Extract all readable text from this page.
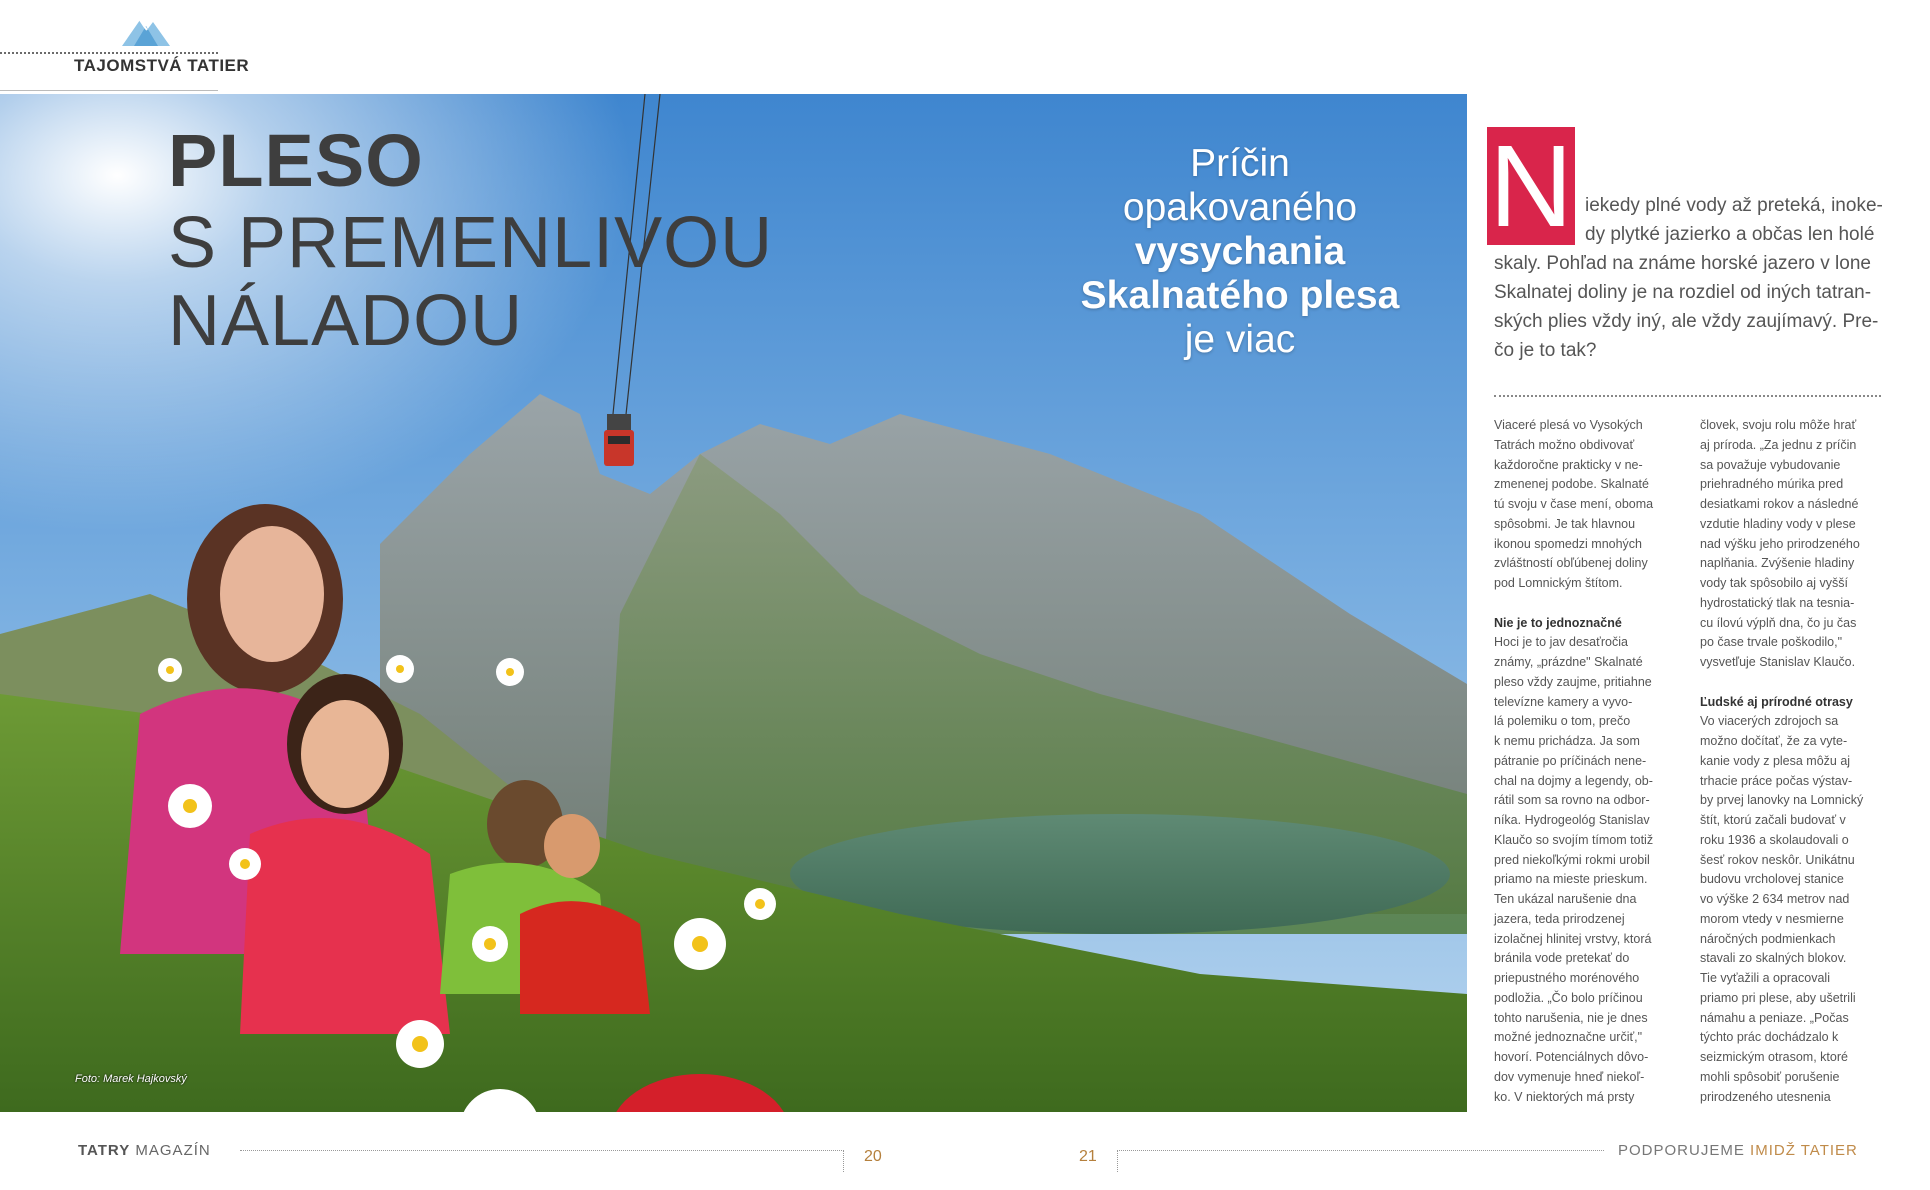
TAJOMSTVÁ TATIER
PLESO
S PREMENLIVOU
NÁLADOU
Príčin
opakovaného
vysychania
Skalnatého plesa
je viac
Foto: Marek Hajkovský
N iekedy plné vody až preteká, inoke-
dy plytké jazierko a občas len holé
skaly. Pohľad na známe horské jazero v lone
Skalnatej doliny je na rozdiel od iných tatran-
ských plies vždy iný, ale vždy zaujímavý. Pre-
čo je to tak?
Viaceré plesá vo Vysokých
Tatrách možno obdivovať
každoročne prakticky v ne-
zmenenej podobe. Skalnaté
tú svoju v čase mení, oboma
spôsobmi. Je tak hlavnou
ikonou spomedzi mnohých
zvláštností obľúbenej doliny
pod Lomnickým štítom.
Nie je to jednoznačné
Hoci je to jav desaťročia
známy, „prázdne" Skalnaté
pleso vždy zaujme, pritiahne
televízne kamery a vyvo-
lá polemiku o tom, prečo
k nemu prichádza. Ja som
pátranie po príčinách nene-
chal na dojmy a legendy, ob-
rátil som sa rovno na odbor-
níka. Hydrogeológ Stanislav
Klaučo so svojím tímom totiž
pred niekoľkými rokmi urobil
priamo na mieste prieskum.
Ten ukázal narušenie dna
jazera, teda prirodzenej
izolačnej hlinitej vrstvy, ktorá
bránila vode pretekať do
priepustného morénového
podložia. „Čo bolo príčinou
tohto narušenia, nie je dnes
možné jednoznačne určiť,"
hovorí. Potenciálnych dôvo-
dov vymenuje hneď niekoľ-
ko. V niektorých má prsty
človek, svoju rolu môže hrať
aj príroda. „Za jednu z príčin
sa považuje vybudovanie
priehradného múrika pred
desiatkami rokov a následné
vzdutie hladiny vody v plese
nad výšku jeho prirodzeného
naplňania. Zvýšenie hladiny
vody tak spôsobilo aj vyšší
hydrostatický tlak na tesnia-
cu ílovú výplň dna, čo ju čas
po čase trvale poškodilo,"
vysvetľuje Stanislav Klaučo.
Ľudské aj prírodné otrasy
Vo viacerých zdrojoch sa
možno dočítať, že za vyte-
kanie vody z plesa môžu aj
trhacie práce počas výstav-
by prvej lanovky na Lomnický
štít, ktorú začali budovať v
roku 1936 a skolaudovali o
šesť rokov neskôr. Unikátnu
budovu vrcholovej stanice
vo výške 2 634 metrov nad
morom vtedy v nesmierne
náročných podmienkach
stavali zo skalných blokov.
Tie vyťažili a opracovali
priamo pri plese, aby ušetrili
námahu a peniaze. „Počas
týchto prác dochádzalo k
seizmickým otrasom, ktoré
mohli spôsobiť porušenie
prirodzeného utesnenia
TATRY MAGAZÍN	20	21	PODPORUJEME IMIDŽ TATIER
